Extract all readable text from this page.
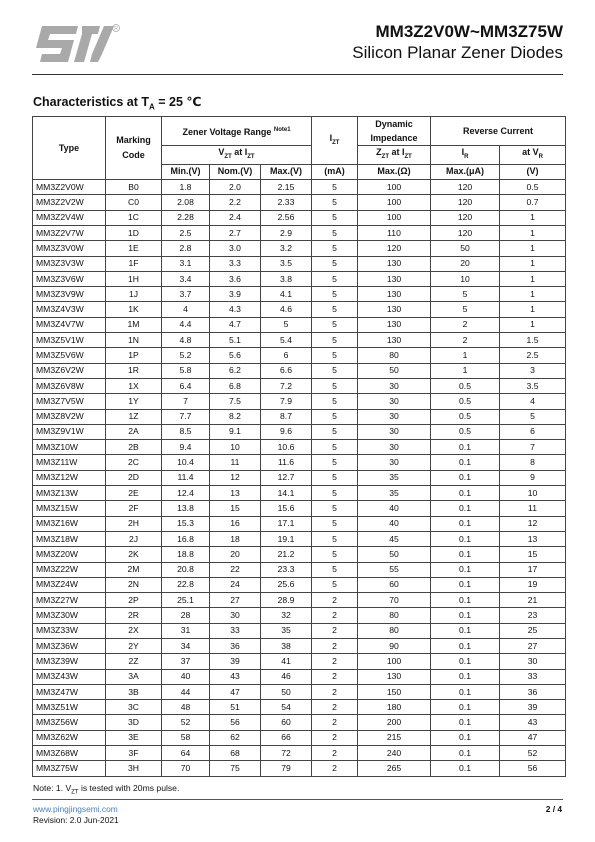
R	MM3Z2V0W~MM3Z75W
Silicon Planar Zener Diodes
Characteristics at $T_A = 25$ ℃
Type	Marking Code	Zener Voltage Range $^{Note1}$			$I_{ZT}$	Dynamic Impedance	Reverse Current	
		$V_{ZT}$ at $I_{ZT}$				$Z_{ZT}$ at $I_{ZT}$	$I_R$	at $V_R$
		Min.(V)	Nom.(V)	Max.(V)	(mA)	Max.(Ω)	Max.(μA)	(V)
MM3Z2V0W	B0	1.8	2.0	2.15	5	100	120	0.5
MM3Z2V2W	C0	2.08	2.2	2.33	5	100	120	0.7
MM3Z2V4W	1C	2.28	2.4	2.56	5	100	120	1
MM3Z2V7W	1D	2.5	2.7	2.9	5	110	120	1
MM3Z3V0W	1E	2.8	3.0	3.2	5	120	50	1
MM3Z3V3W	1F	3.1	3.3	3.5	5	130	20	1
MM3Z3V6W	1H	3.4	3.6	3.8	5	130	10	1
MM3Z3V9W	1J	3.7	3.9	4.1	5	130	5	1
MM3Z4V3W	1K	4	4.3	4.6	5	130	5	1
MM3Z4V7W	1M	4.4	4.7	5	5	130	2	1
MM3Z5V1W	1N	4.8	5.1	5.4	5	130	2	1.5
MM3Z5V6W	1P	5.2	5.6	6	5	80	1	2.5
MM3Z6V2W	1R	5.8	6.2	6.6	5	50	1	3
MM3Z6V8W	1X	6.4	6.8	7.2	5	30	0.5	3.5
MM3Z7V5W	1Y	7	7.5	7.9	5	30	0.5	4
MM3Z8V2W	1Z	7.7	8.2	8.7	5	30	0.5	5
MM3Z9V1W	2A	8.5	9.1	9.6	5	30	0.5	6
MM3Z10W	2B	9.4	10	10.6	5	30	0.1	7
MM3Z11W	2C	10.4	11	11.6	5	30	0.1	8
MM3Z12W	2D	11.4	12	12.7	5	35	0.1	9
MM3Z13W	2E	12.4	13	14.1	5	35	0.1	10
MM3Z15W	2F	13.8	15	15.6	5	40	0.1	11
MM3Z16W	2H	15.3	16	17.1	5	40	0.1	12
MM3Z18W	2J	16.8	18	19.1	5	45	0.1	13
MM3Z20W	2K	18.8	20	21.2	5	50	0.1	15
MM3Z22W	2M	20.8	22	23.3	5	55	0.1	17
MM3Z24W	2N	22.8	24	25.6	5	60	0.1	19
MM3Z27W	2P	25.1	27	28.9	2	70	0.1	21
MM3Z30W	2R	28	30	32	2	80	0.1	23
MM3Z33W	2X	31	33	35	2	80	0.1	25
MM3Z36W	2Y	34	36	38	2	90	0.1	27
MM3Z39W	2Z	37	39	41	2	100	0.1	30
MM3Z43W	3A	40	43	46	2	130	0.1	33
MM3Z47W	3B	44	47	50	2	150	0.1	36
MM3Z51W	3C	48	51	54	2	180	0.1	39
MM3Z56W	3D	52	56	60	2	200	0.1	43
MM3Z62W	3E	58	62	66	2	215	0.1	47
MM3Z68W	3F	64	68	72	2	240	0.1	52
MM3Z75W	3H	70	75	79	2	265	0.1	56
Note: 1. $V_{ZT}$ is tested with 20ms pulse.
www.pingjingsemi.com
Revision: 2.0 Jun-2021
2 / 4
